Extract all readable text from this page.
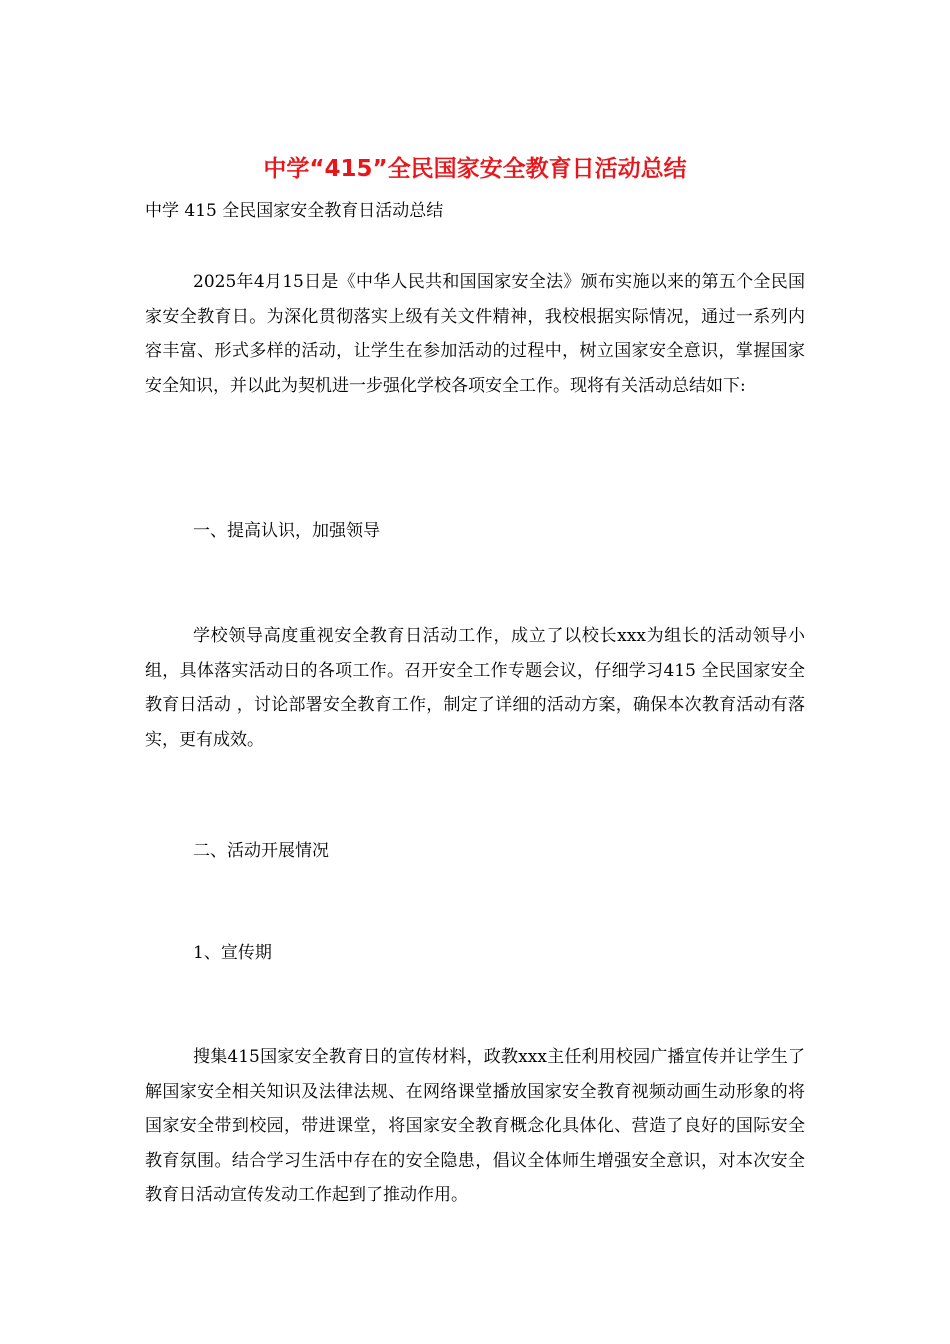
中学“415”全民国家安全教育日活动总结

中学 415 全民国家安全教育日活动总结

2025年4月15日是《中华人民共和国国家安全法》颁布实施以来的第五个全民国家安全教育日。为深化贯彻落实上级有关文件精神，我校根据实际情况，通过一系列内容丰富、形式多样的活动，让学生在参加活动的过程中，树立国家安全意识，掌握国家安全知识，并以此为契机进一步强化学校各项安全工作。现将有关活动总结如下:

一、提高认识，加强领导

学校领导高度重视安全教育日活动工作，成立了以校长xxx为组长的活动领导小组，具体落实活动日的各项工作。召开安全工作专题会议，仔细学习415 全民国家安全教育日活动 ，讨论部署安全教育工作，制定了详细的活动方案，确保本次教育活动有落实，更有成效。

二、活动开展情况

1、宣传期

搜集415国家安全教育日的宣传材料，政教xxx主任利用校园广播宣传并让学生了解国家安全相关知识及法律法规、在网络课堂播放国家安全教育视频动画生动形象的将国家安全带到校园，带进课堂，将国家安全教育概念化具体化、营造了良好的国际安全教育氛围。结合学习生活中存在的安全隐患，倡议全体师生增强安全意识，对本次安全教育日活动宣传发动工作起到了推动作用。
